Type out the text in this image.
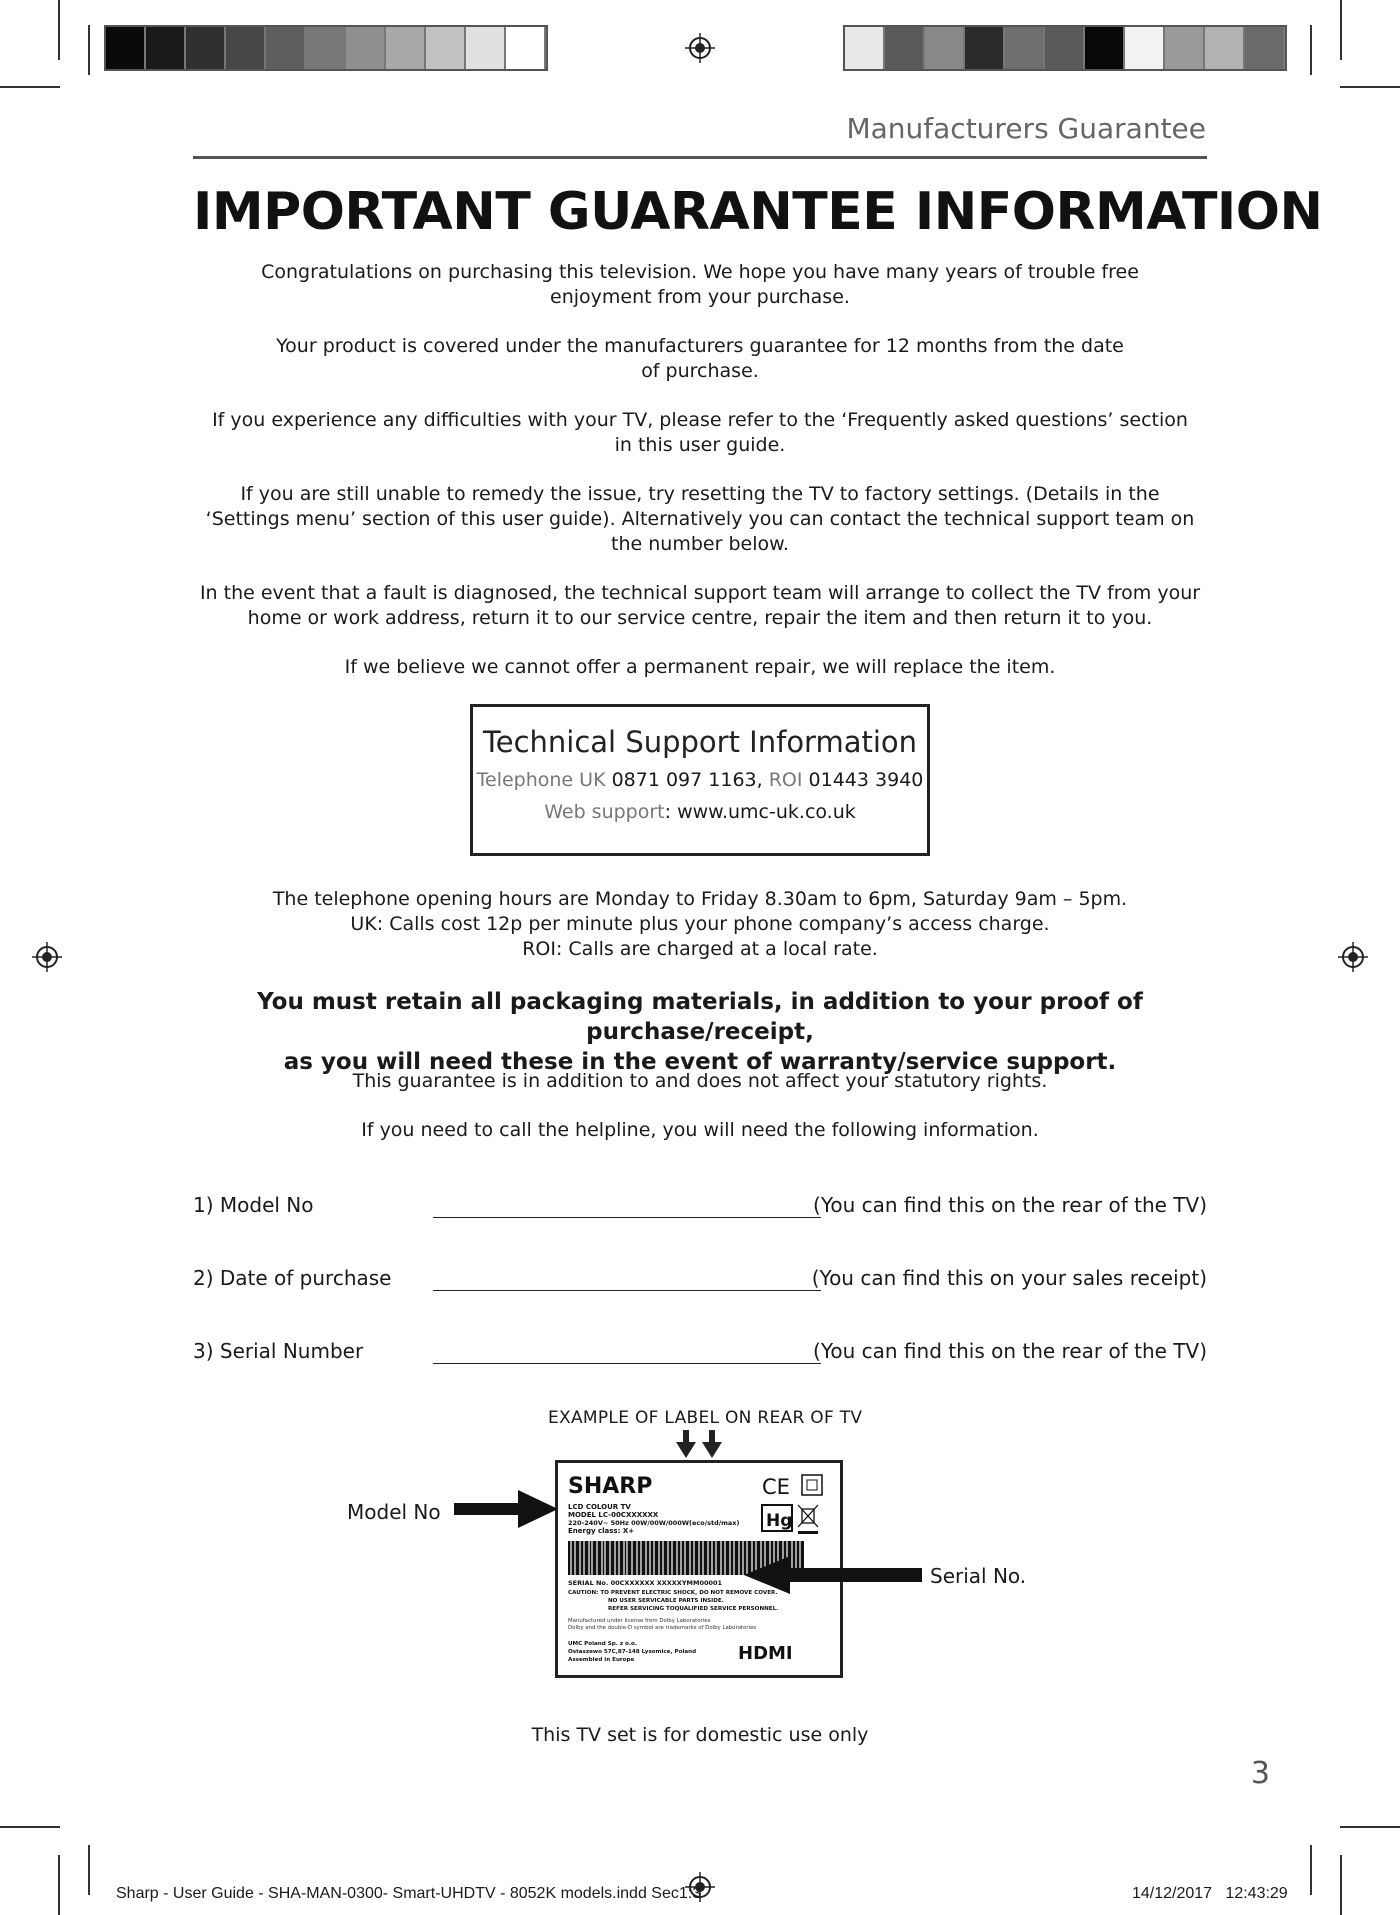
Manufacturers Guarantee
IMPORTANT GUARANTEE INFORMATION

Congratulations on purchasing this television. We hope you have many years of trouble free
enjoyment from your purchase.

Your product is covered under the manufacturers guarantee for 12 months from the date
of purchase.

If you experience any difficulties with your TV, please refer to the ‘Frequently asked questions’ section
in this user guide.

If you are still unable to remedy the issue, try resetting the TV to factory settings. (Details in the
‘Settings menu’ section of this user guide). Alternatively you can contact the technical support team on
the number below.

In the event that a fault is diagnosed, the technical support team will arrange to collect the TV from your
home or work address, return it to our service centre, repair the item and then return it to you.

If we believe we cannot offer a permanent repair, we will replace the item.

Technical Support Information
Telephone UK 0871 097 1163, ROI 01443 3940
Web support: www.umc-uk.co.uk
The telephone opening hours are Monday to Friday 8.30am to 6pm, Saturday 9am – 5pm.
UK: Calls cost 12p per minute plus your phone company’s access charge.
ROI: Calls are charged at a local rate.
You must retain all packaging materials, in addition to your proof of purchase/receipt,
as you will need these in the event of warranty/service support.
This guarantee is in addition to and does not affect your statutory rights.
If you need to call the helpline, you will need the following information.
1) Model No	(You can find this on the rear of the TV)
2) Date of purchase	(You can find this on your sales receipt)
3) Serial Number	(You can find this on the rear of the TV)
EXAMPLE OF LABEL ON REAR OF TV
SHARP	CE
LCD COLOUR TV
MODEL LC-00CXXXXXX
220-240V~ 50Hz 00W/00W/000W(eco/std/max)
Energy class: X+	Hg
SERIAL No. 00CXXXXXX XXXXXYMM00001
CAUTION: TO PREVENT ELECTRIC SHOCK, DO NOT REMOVE COVER.
NO USER SERVICABLE PARTS INSIDE.
REFER SERVICING TOQUALIFIED SERVICE PERSONNEL.
Manufactured under license from Dolby Laboratories
Dolby and the double-D symbol are trademarks of Dolby Laboratories
UMC Poland Sp. z o.o.
Ostaszewo 57C,87-148 Lysomice, Poland
Assembled in Europe	HDMI
Model No
Serial No.
This TV set is for domestic use only
3
Sharp - User Guide - SHA-MAN-0300- Smart-UHDTV - 8052K models.indd Sec1:3	14/12/2017 12:43:29
